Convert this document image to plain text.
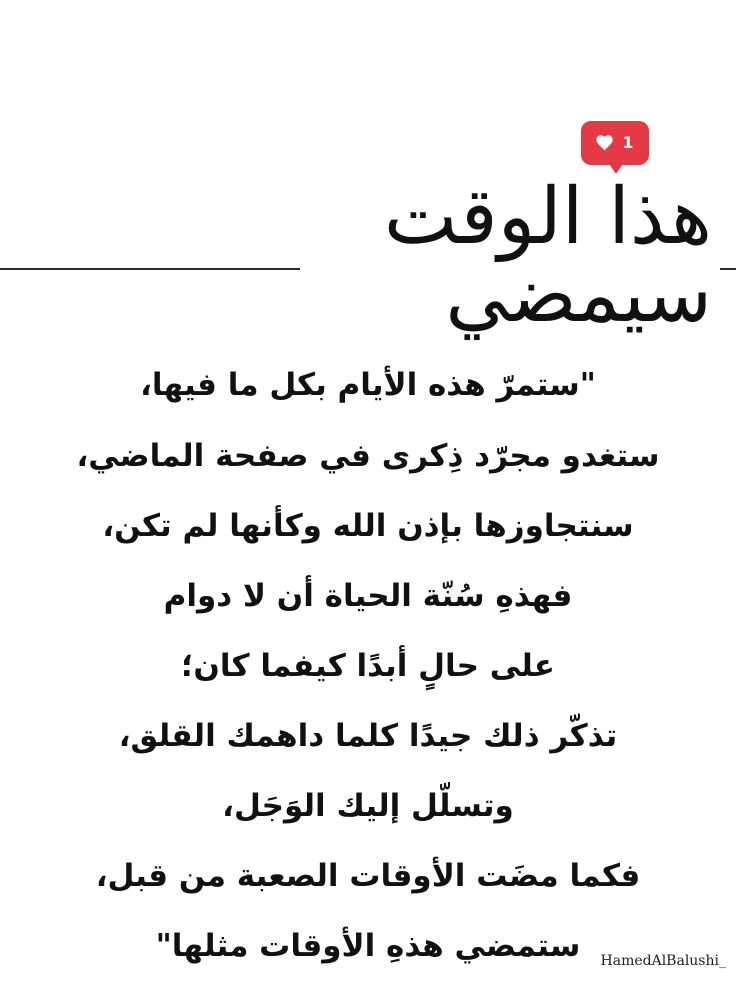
1
هذا الوقت سيمضي
"ستمرّ هذه الأيام بكل ما فيها،
ستغدو مجرّد ذِكرى في صفحة الماضي،
سنتجاوزها بإذن الله وكأنها لم تكن،
فهذهِ سُنّة الحياة أن لا دوام
على حالٍ أبدًا كيفما كان؛
تذكّر ذلك جيدًا كلما داهمك القلق،
وتسلّل إليك الوَجَل،
فكما مضَت الأوقات الصعبة من قبل،
ستمضي هذهِ الأوقات مثلها"	HamedAlBalushi_
